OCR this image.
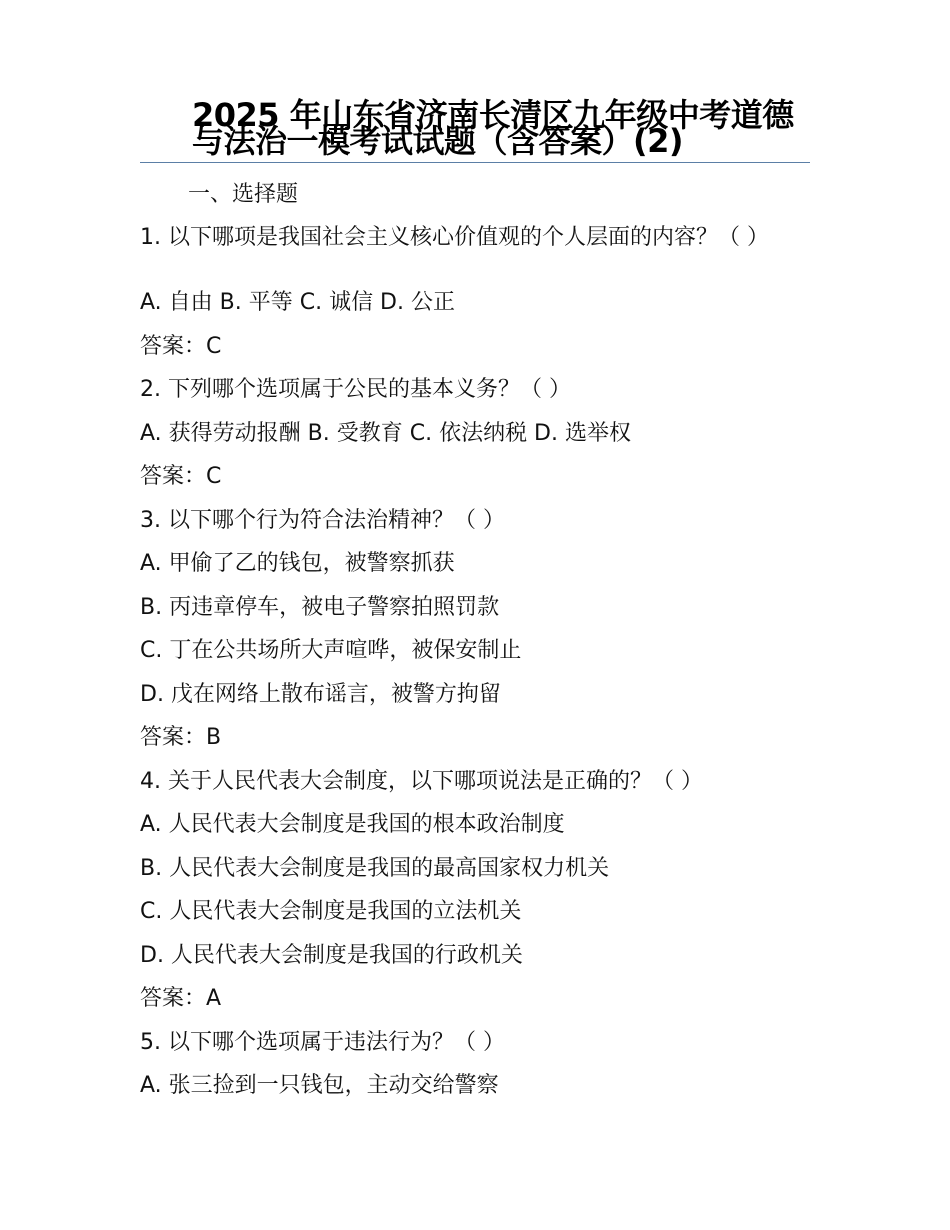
2025 年山东省济南长清区九年级中考道德与法治一模考试试题（含答案）(2)
一、选择题
1. 以下哪项是我国社会主义核心价值观的个人层面的内容？（ ）
A. 自由 B. 平等 C. 诚信 D. 公正
答案：C
2. 下列哪个选项属于公民的基本义务？（ ）
A. 获得劳动报酬 B. 受教育 C. 依法纳税 D. 选举权
答案：C
3. 以下哪个行为符合法治精神？（ ）
A. 甲偷了乙的钱包，被警察抓获
B. 丙违章停车，被电子警察拍照罚款
C. 丁在公共场所大声喧哗，被保安制止
D. 戊在网络上散布谣言，被警方拘留
答案：B
4. 关于人民代表大会制度，以下哪项说法是正确的？（ ）
A. 人民代表大会制度是我国的根本政治制度
B. 人民代表大会制度是我国的最高国家权力机关
C. 人民代表大会制度是我国的立法机关
D. 人民代表大会制度是我国的行政机关
答案：A
5. 以下哪个选项属于违法行为？（ ）
A. 张三捡到一只钱包，主动交给警察
